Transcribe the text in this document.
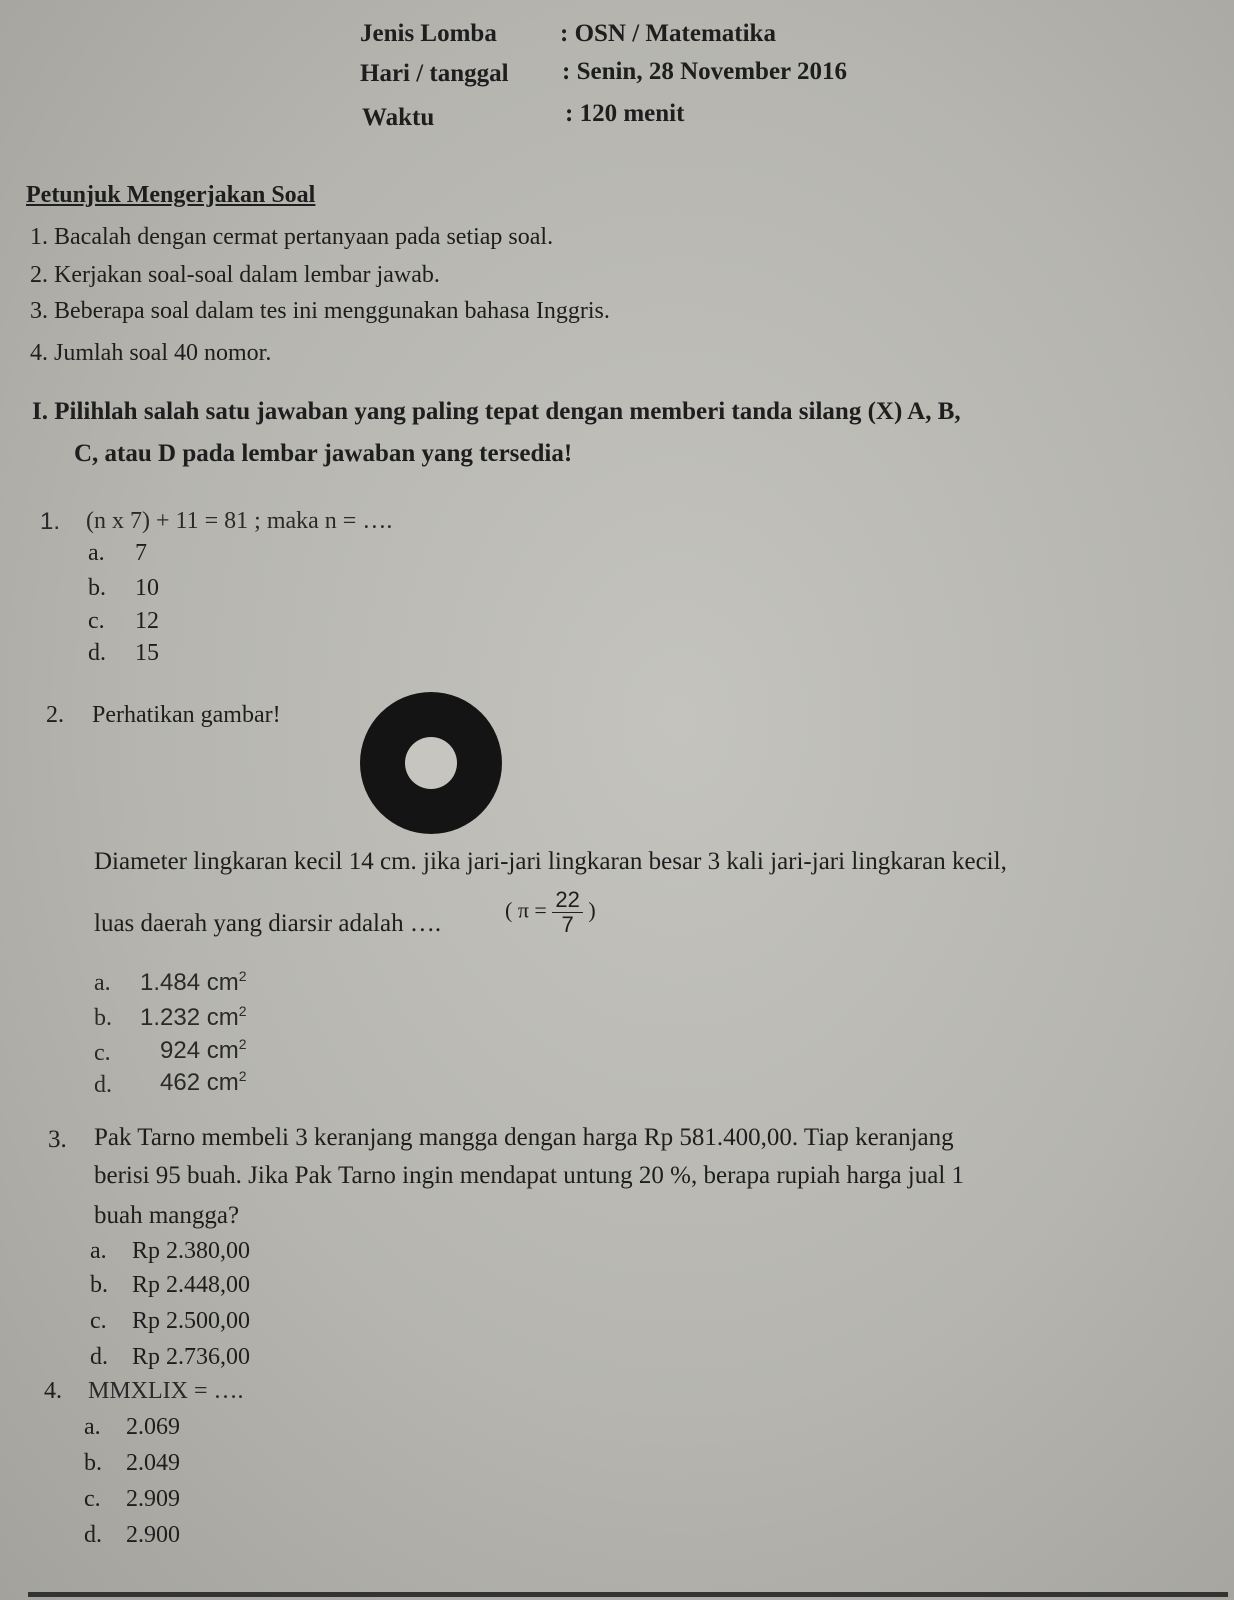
Jenis Lomba	: OSN / Matematika
Hari / tanggal : Senin, 28 November 2016
Waktu	: 120 menit
Petunjuk Mengerjakan Soal
1. Bacalah dengan cermat pertanyaan pada setiap soal.
2. Kerjakan soal-soal dalam lembar jawab.
3. Beberapa soal dalam tes ini menggunakan bahasa Inggris.
4. Jumlah soal 40 nomor.
I. Pilihlah salah satu jawaban yang paling tepat dengan memberi tanda silang (X) A, B,
C, atau D pada lembar jawaban yang tersedia!
1. (n x 7) + 11 = 81 ; maka n = ….
a. 7
b. 10
c. 12
d. 15
2. Perhatikan gambar!
Diameter lingkaran kecil 14 cm. jika jari-jari lingkaran besar 3 kali jari-jari lingkaran kecil,
luas daerah yang diarsir adalah ….	( $\pi = \frac{22}{7}$ )
a. 1.484 $cm^2$
b. 1.232 $cm^2$
c. 924 $cm^2$
d. 462 $cm^2$
3. Pak Tarno membeli 3 keranjang mangga dengan harga Rp 581.400,00. Tiap keranjang
berisi 95 buah. Jika Pak Tarno ingin mendapat untung 20 %, berapa rupiah harga jual 1
buah mangga?
a. Rp 2.380,00
b. Rp 2.448,00
c. Rp 2.500,00
d. Rp 2.736,00
4. MMXLIX = ….
a. 2.069
b. 2.049
c. 2.909
d. 2.900
